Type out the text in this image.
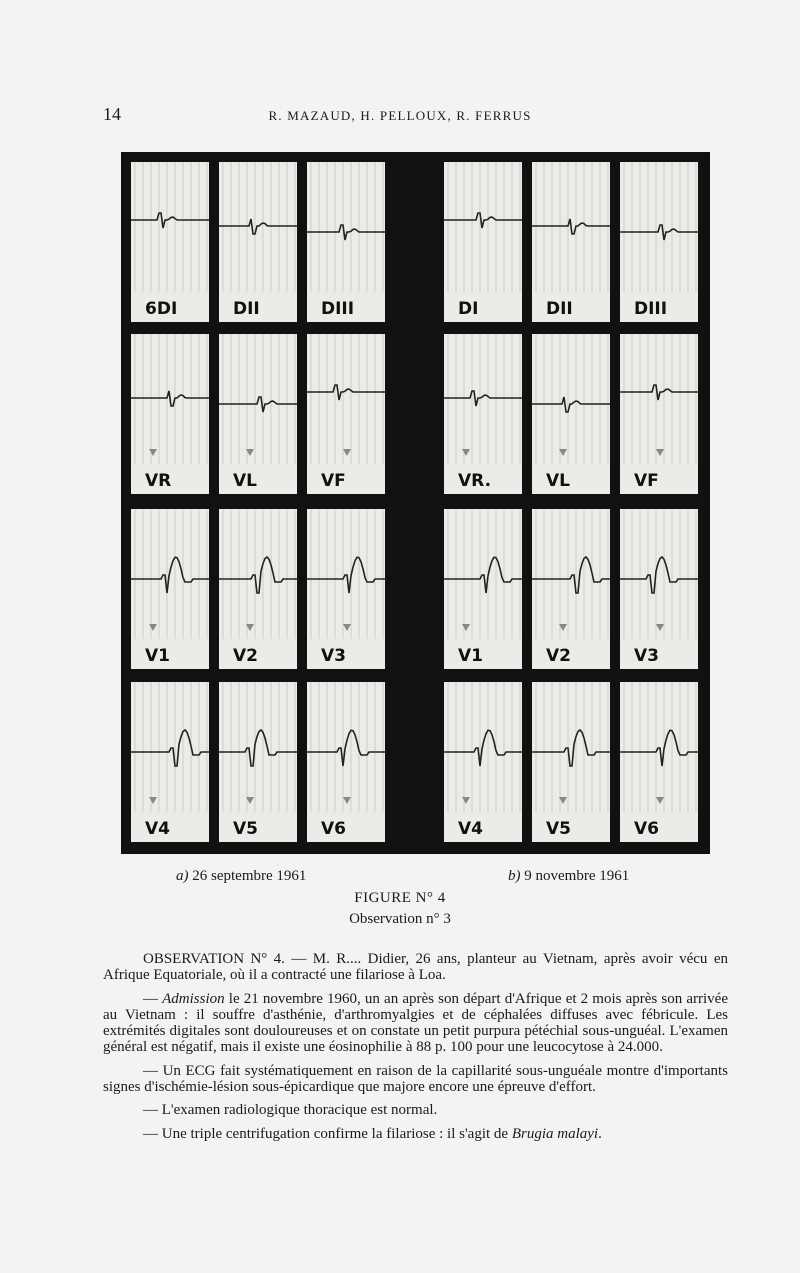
14	R. MAZAUD, H. PELLOUX, R. FERRUS
6DI	DII	DIII
VR	VL	VF
V1	V2	V3
V4	V5	V6
DI	DII	DIII
VR.	VL	VF
V1	V2	V3
V4	V5	V6
a) 26 septembre 1961	b) 9 novembre 1961
FIGURE N° 4
Observation n° 3

OBSERVATION N° 4. — M. R.... Didier, 26 ans, planteur au Vietnam, après avoir vécu en Afrique Equatoriale, où il a contracté une filariose à Loa.

— Admission le 21 novembre 1960, un an après son départ d'Afrique et 2 mois après son arrivée au Vietnam : il souffre d'asthénie, d'arthromyalgies et de céphalées diffuses avec fébricule. Les extrémités digitales sont douloureuses et on constate un petit purpura pétéchial sous-unguéal. L'examen général est négatif, mais il existe une éosinophilie à 88 p. 100 pour une leucocytose à 24.000.

— Un ECG fait systématiquement en raison de la capillarité sous-unguéale montre d'importants signes d'ischémie-lésion sous-épicardique que majore encore une épreuve d'effort.

— L'examen radiologique thoracique est normal.

— Une triple centrifugation confirme la filariose : il s'agit de Brugia malayi.
